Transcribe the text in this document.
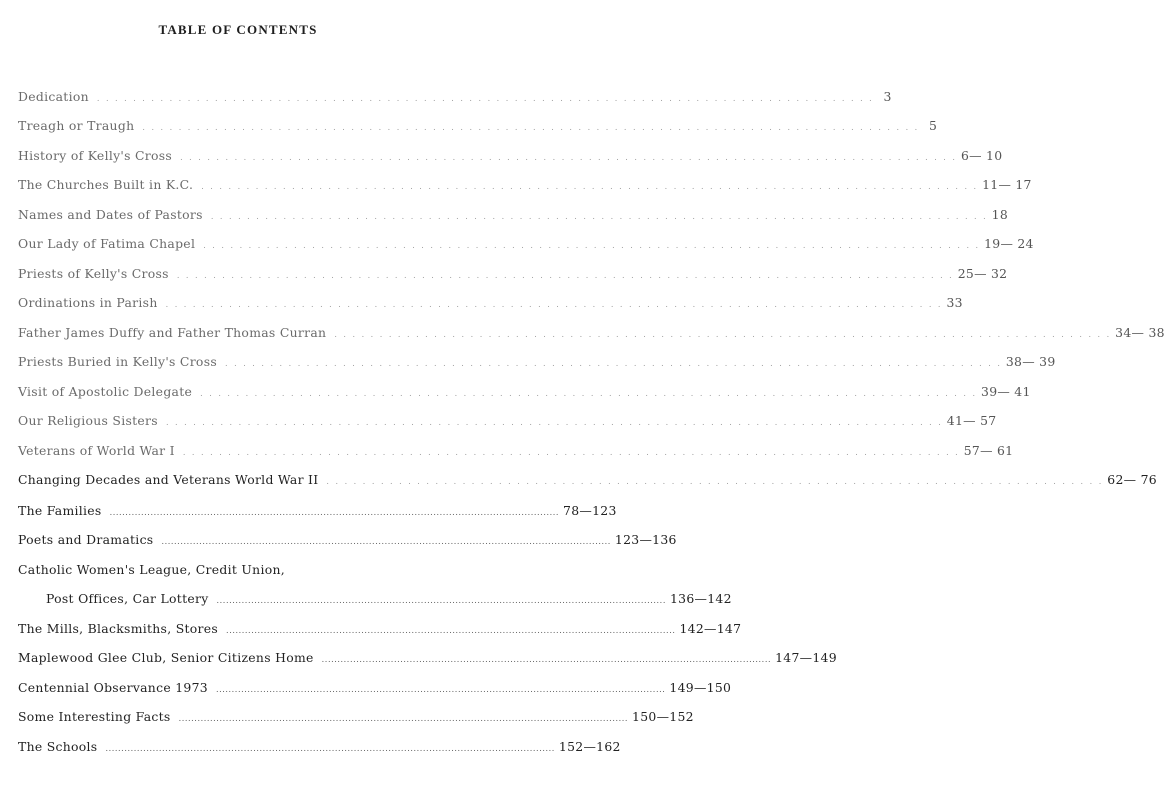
TABLE OF CONTENTS
Dedication . . . . . . . . . . . . . . . . . . . . . . . . . . . . . . . . . . . . . . . . . . . . . . . . . . . . . . . . . . . . . . . . . . . . . . . . . . . . . . . . . . . . . . 3
Treagh or Traugh . . . . . . . . . . . . . . . . . . . . . . . . . . . . . . . . . . . . . . . . . . . . . . . . . . . . . . . . . . . . . . . . . . . . . . . . . . . . . . . . . . . . . . 5
History of Kelly's Cross . . . . . . . . . . . . . . . . . . . . . . . . . . . . . . . . . . . . . . . . . . . . . . . . . . . . . . . . . . . . . . . . . . . . . . . . . . . . . . . . . . . . . . 6— 10
The Churches Built in K.C. . . . . . . . . . . . . . . . . . . . . . . . . . . . . . . . . . . . . . . . . . . . . . . . . . . . . . . . . . . . . . . . . . . . . . . . . . . . . . . . . . . . . . . 11— 17
Names and Dates of Pastors . . . . . . . . . . . . . . . . . . . . . . . . . . . . . . . . . . . . . . . . . . . . . . . . . . . . . . . . . . . . . . . . . . . . . . . . . . . . . . . . . . . . . . 18
Our Lady of Fatima Chapel . . . . . . . . . . . . . . . . . . . . . . . . . . . . . . . . . . . . . . . . . . . . . . . . . . . . . . . . . . . . . . . . . . . . . . . . . . . . . . . . . . . . . . 19— 24
Priests of Kelly's Cross . . . . . . . . . . . . . . . . . . . . . . . . . . . . . . . . . . . . . . . . . . . . . . . . . . . . . . . . . . . . . . . . . . . . . . . . . . . . . . . . . . . . . . 25— 32
Ordinations in Parish . . . . . . . . . . . . . . . . . . . . . . . . . . . . . . . . . . . . . . . . . . . . . . . . . . . . . . . . . . . . . . . . . . . . . . . . . . . . . . . . . . . . . . 33
Father James Duffy and Father Thomas Curran . . . . . . . . . . . . . . . . . . . . . . . . . . . . . . . . . . . . . . . . . . . . . . . . . . . . . . . . . . . . . . . . . . . . . . . . . . . . . . . . . . . . . . 34— 38
Priests Buried in Kelly's Cross . . . . . . . . . . . . . . . . . . . . . . . . . . . . . . . . . . . . . . . . . . . . . . . . . . . . . . . . . . . . . . . . . . . . . . . . . . . . . . . . . . . . . . 38— 39
Visit of Apostolic Delegate . . . . . . . . . . . . . . . . . . . . . . . . . . . . . . . . . . . . . . . . . . . . . . . . . . . . . . . . . . . . . . . . . . . . . . . . . . . . . . . . . . . . . . 39— 41
Our Religious Sisters . . . . . . . . . . . . . . . . . . . . . . . . . . . . . . . . . . . . . . . . . . . . . . . . . . . . . . . . . . . . . . . . . . . . . . . . . . . . . . . . . . . . . . 41— 57
Veterans of World War I . . . . . . . . . . . . . . . . . . . . . . . . . . . . . . . . . . . . . . . . . . . . . . . . . . . . . . . . . . . . . . . . . . . . . . . . . . . . . . . . . . . . . . 57— 61
Changing Decades and Veterans World War II . . . . . . . . . . . . . . . . . . . . . . . . . . . . . . . . . . . . . . . . . . . . . . . . . . . . . . . . . . . . . . . . . . . . . . . . . . . . . . . . . . . . . . 62— 76
The Families ............................................................................................................................................... 78—123
Poets and Dramatics ............................................................................................................................................... 123—136
Catholic Women's League, Credit Union,
Post Offices, Car Lottery ............................................................................................................................................... 136—142
The Mills, Blacksmiths, Stores ............................................................................................................................................... 142—147
Maplewood Glee Club, Senior Citizens Home ............................................................................................................................................... 147—149
Centennial Observance 1973 ............................................................................................................................................... 149—150
Some Interesting Facts ............................................................................................................................................... 150—152
The Schools ............................................................................................................................................... 152—162
